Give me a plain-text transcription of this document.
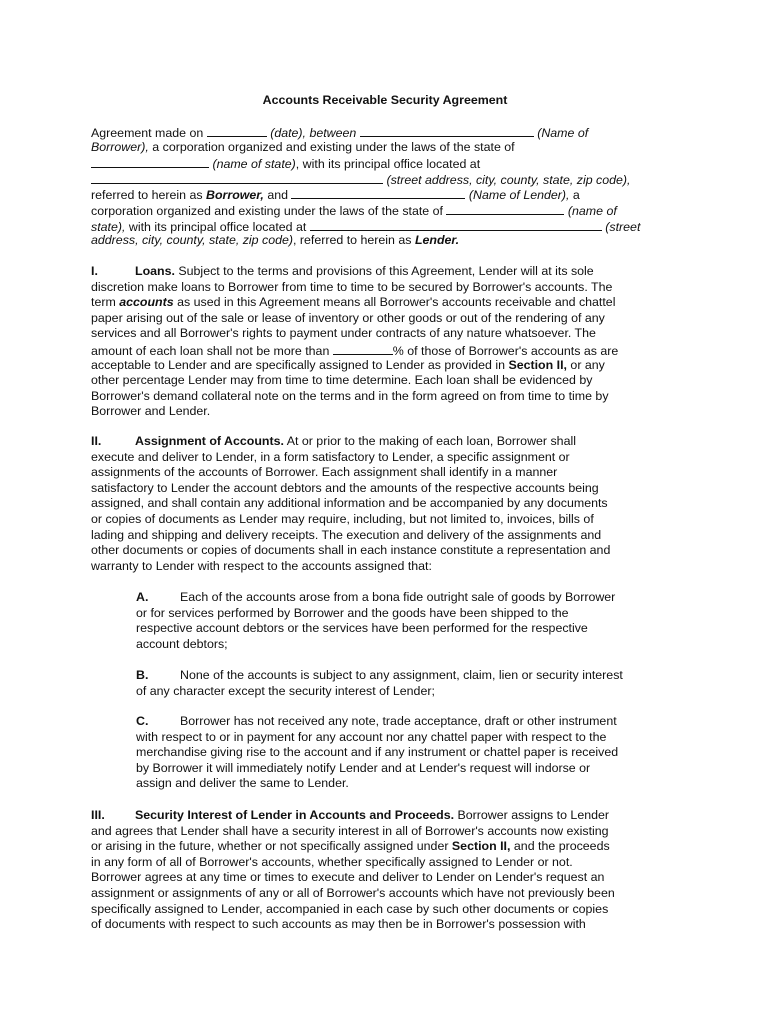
Accounts Receivable Security Agreement
Agreement made on	(date), between	(Name of
Borrower), a corporation organized and existing under the laws of the state of
(name of state), with its principal office located at
(street address, city, county, state, zip code),
referred to herein as Borrower, and	(Name of Lender), a
corporation organized and existing under the laws of the state of	(name of
state), with its principal office located at	(street
address, city, county, state, zip code), referred to herein as Lender.
I.	Loans. Subject to the terms and provisions of this Agreement, Lender will at its sole
discretion make loans to Borrower from time to time to be secured by Borrower's accounts. The
term accounts as used in this Agreement means all Borrower's accounts receivable and chattel
paper arising out of the sale or lease of inventory or other goods or out of the rendering of any
services and all Borrower's rights to payment under contracts of any nature whatsoever. The
amount of each loan shall not be more than	% of those of Borrower's accounts as are
acceptable to Lender and are specifically assigned to Lender as provided in Section II, or any
other percentage Lender may from time to time determine. Each loan shall be evidenced by
Borrower's demand collateral note on the terms and in the form agreed on from time to time by
Borrower and Lender.
II.	Assignment of Accounts. At or prior to the making of each loan, Borrower shall
execute and deliver to Lender, in a form satisfactory to Lender, a specific assignment or
assignments of the accounts of Borrower. Each assignment shall identify in a manner
satisfactory to Lender the account debtors and the amounts of the respective accounts being
assigned, and shall contain any additional information and be accompanied by any documents
or copies of documents as Lender may require, including, but not limited to, invoices, bills of
lading and shipping and delivery receipts. The execution and delivery of the assignments and
other documents or copies of documents shall in each instance constitute a representation and
warranty to Lender with respect to the accounts assigned that:
A.	Each of the accounts arose from a bona fide outright sale of goods by Borrower
or for services performed by Borrower and the goods have been shipped to the
respective account debtors or the services have been performed for the respective
account debtors;
B.	None of the accounts is subject to any assignment, claim, lien or security interest
of any character except the security interest of Lender;
C.	Borrower has not received any note, trade acceptance, draft or other instrument
with respect to or in payment for any account nor any chattel paper with respect to the
merchandise giving rise to the account and if any instrument or chattel paper is received
by Borrower it will immediately notify Lender and at Lender's request will indorse or
assign and deliver the same to Lender.
III. Security Interest of Lender in Accounts and Proceeds. Borrower assigns to Lender
and agrees that Lender shall have a security interest in all of Borrower's accounts now existing
or arising in the future, whether or not specifically assigned under Section II, and the proceeds
in any form of all of Borrower's accounts, whether specifically assigned to Lender or not.
Borrower agrees at any time or times to execute and deliver to Lender on Lender's request an
assignment or assignments of any or all of Borrower's accounts which have not previously been
specifically assigned to Lender, accompanied in each case by such other documents or copies
of documents with respect to such accounts as may then be in Borrower's possession with
